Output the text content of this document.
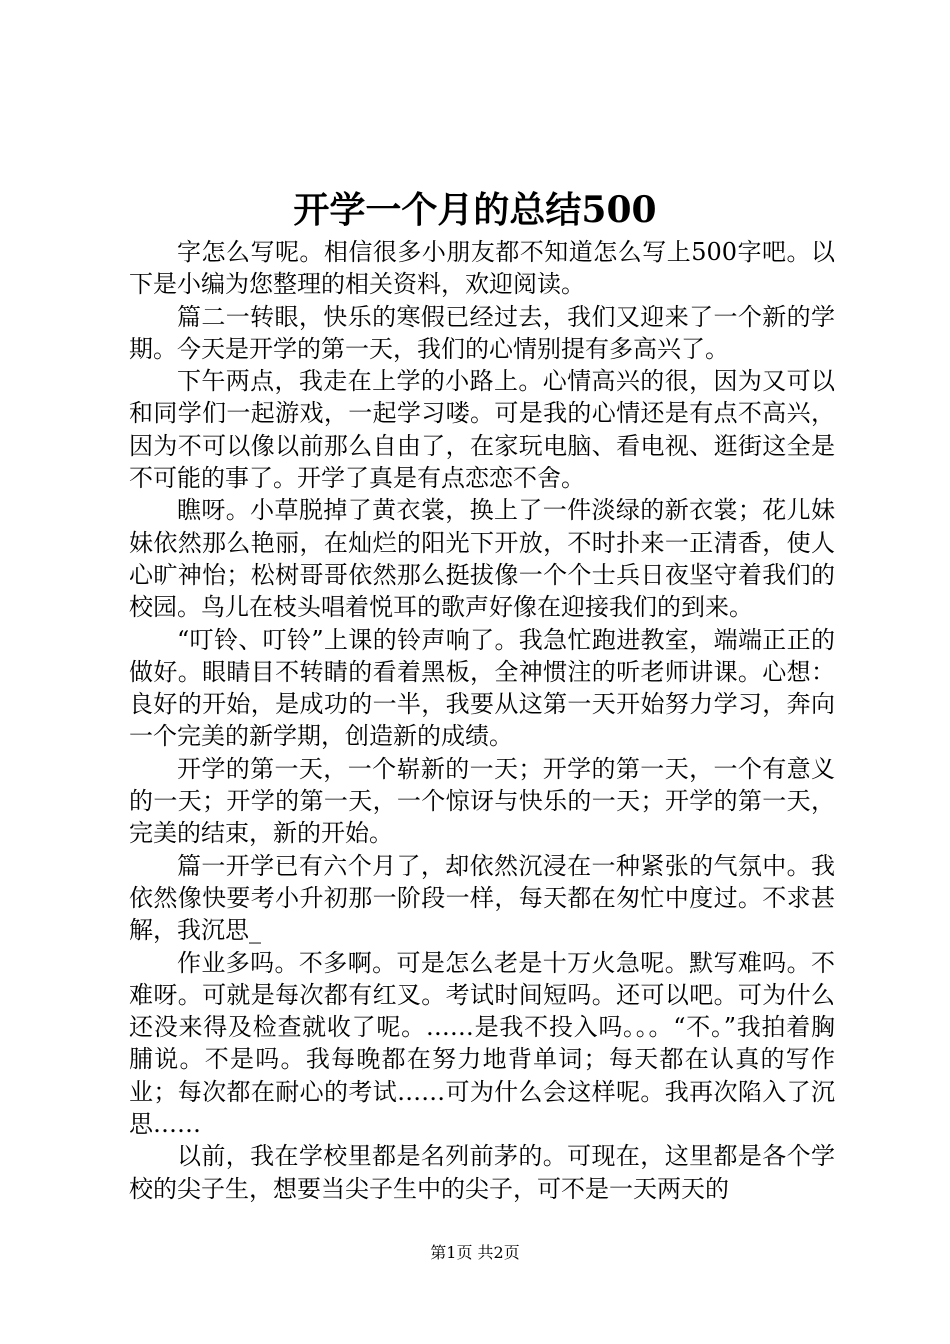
开学一个月的总结500

字怎么写呢。相信很多小朋友都不知道怎么写上500字吧。以下是小编为您整理的相关资料，欢迎阅读。

篇二一转眼，快乐的寒假已经过去，我们又迎来了一个新的学期。今天是开学的第一天，我们的心情别提有多高兴了。

下午两点，我走在上学的小路上。心情高兴的很，因为又可以和同学们一起游戏，一起学习喽。可是我的心情还是有点不高兴，因为不可以像以前那么自由了，在家玩电脑、看电视、逛街这全是不可能的事了。开学了真是有点恋恋不舍。

瞧呀。小草脱掉了黄衣裳，换上了一件淡绿的新衣裳；花儿妹妹依然那么艳丽，在灿烂的阳光下开放，不时扑来一正清香，使人心旷神怡；松树哥哥依然那么挺拔像一个个士兵日夜坚守着我们的校园。鸟儿在枝头唱着悦耳的歌声好像在迎接我们的到来。

“叮铃、叮铃”上课的铃声响了。我急忙跑进教室，端端正正的做好。眼睛目不转睛的看着黑板，全神惯注的听老师讲课。心想：良好的开始，是成功的一半，我要从这第一天开始努力学习，奔向一个完美的新学期，创造新的成绩。

开学的第一天，一个崭新的一天；开学的第一天，一个有意义的一天；开学的第一天，一个惊讶与快乐的一天；开学的第一天，完美的结束，新的开始。

篇一开学已有六个月了，却依然沉浸在一种紧张的气氛中。我依然像快要考小升初那一阶段一样，每天都在匆忙中度过。不求甚解，我沉思_

作业多吗。不多啊。可是怎么老是十万火急呢。默写难吗。不难呀。可就是每次都有红叉。考试时间短吗。还可以吧。可为什么还没来得及检查就收了呢。……是我不投入吗。。。“不。”我拍着胸脯说。不是吗。我每晚都在努力地背单词；每天都在认真的写作业；每次都在耐心的考试……可为什么会这样呢。我再次陷入了沉思……

以前，我在学校里都是名列前茅的。可现在，这里都是各个学校的尖子生，想要当尖子生中的尖子，可不是一天两天的

第1页 共2页
